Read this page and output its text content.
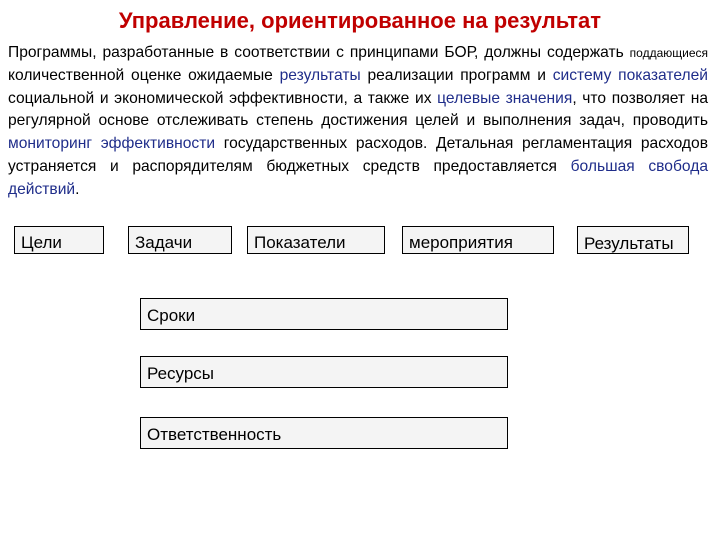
Управление, ориентированное на результат
Программы, разработанные в соответствии с принципами БОР, должны содержать поддающиеся количественной оценке ожидаемые результаты реализации программ и систему показателей социальной и экономической эффективности, а также их целевые значения, что позволяет на регулярной основе отслеживать степень достижения целей и выполнения задач, проводить мониторинг эффективности государственных расходов. Детальная регламентация расходов устраняется и распорядителям бюджетных средств предоставляется большая свобода действий.
Цели	Задачи	Показатели	мероприятия	Результаты
Сроки
Ресурсы
Ответственность
